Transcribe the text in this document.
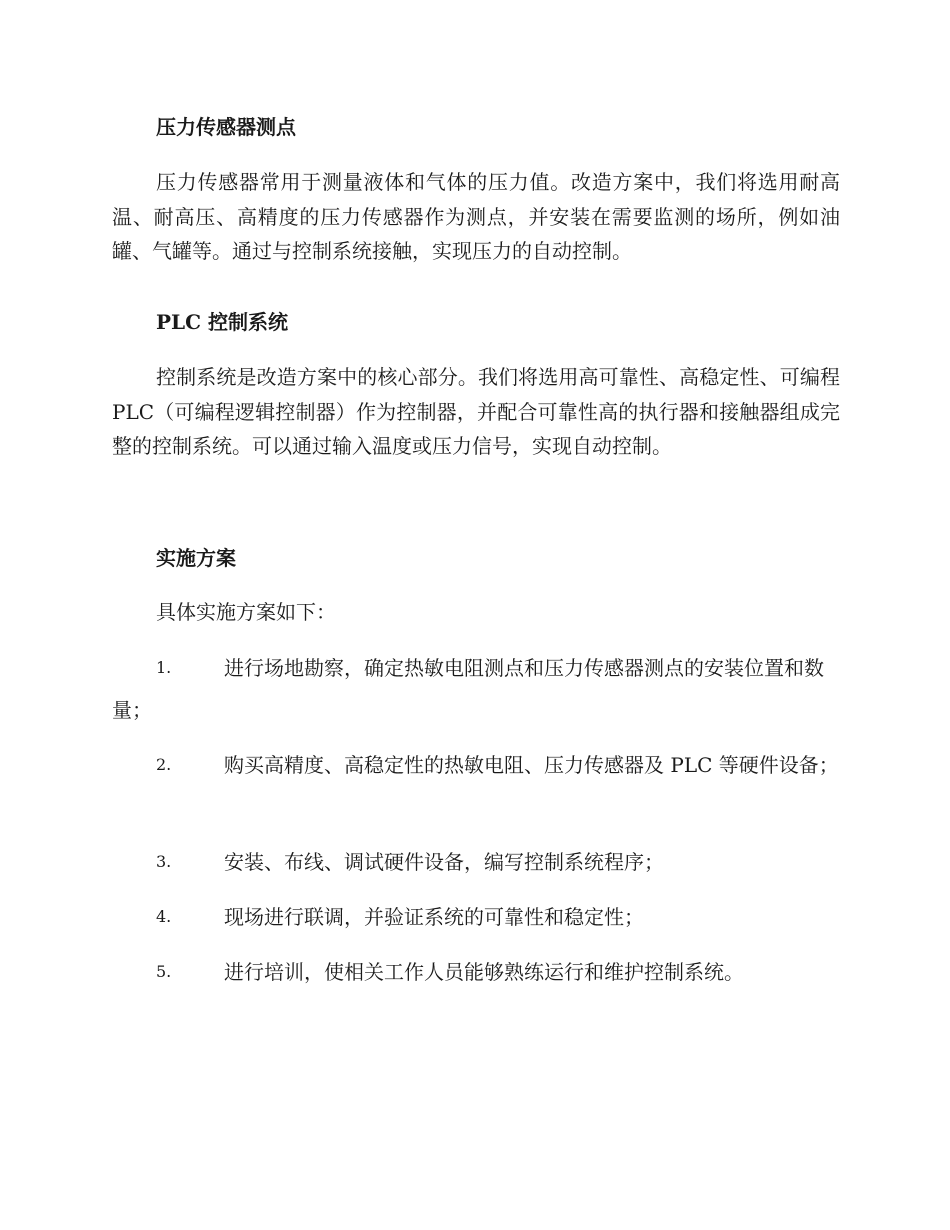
压力传感器测点
压力传感器常用于测量液体和气体的压力值。改造方案中，我们将选用耐高温、耐高压、高精度的压力传感器作为测点，并安装在需要监测的场所，例如油罐、气罐等。通过与控制系统接触，实现压力的自动控制。
PLC 控制系统
控制系统是改造方案中的核心部分。我们将选用高可靠性、高稳定性、可编程 PLC（可编程逻辑控制器）作为控制器，并配合可靠性高的执行器和接触器组成完整的控制系统。可以通过输入温度或压力信号，实现自动控制。
实施方案
具体实施方案如下：
1.	进行场地勘察，确定热敏电阻测点和压力传感器测点的安装位置和数量；
2.	购买高精度、高稳定性的热敏电阻、压力传感器及 PLC 等硬件设备；
3.	安装、布线、调试硬件设备，编写控制系统程序；
4.	现场进行联调，并验证系统的可靠性和稳定性；
5.	进行培训，使相关工作人员能够熟练运行和维护控制系统。
